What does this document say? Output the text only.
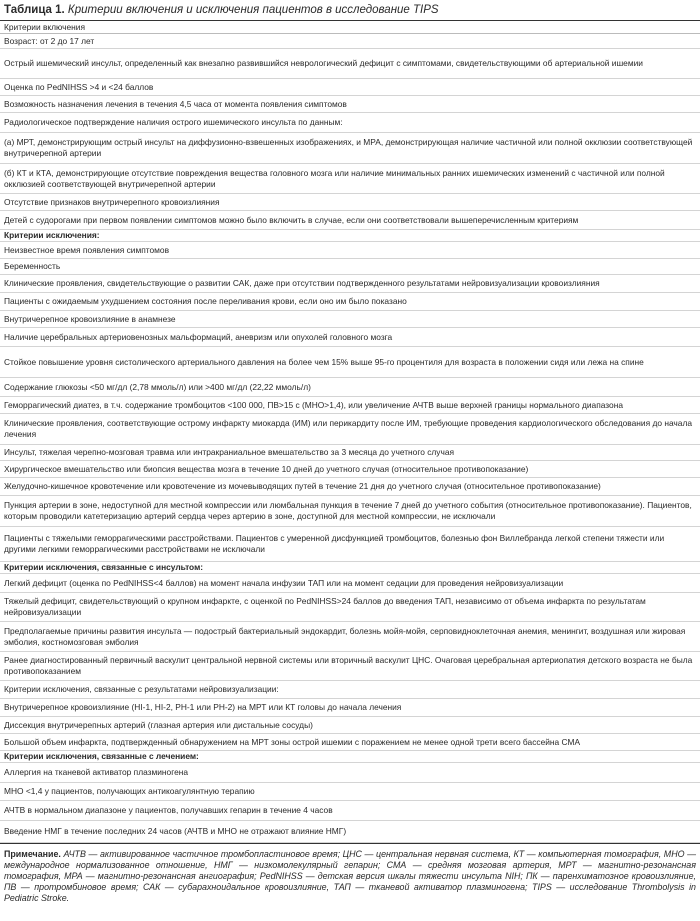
Таблица 1. Критерии включения и исключения пациентов в исследование TIPS
Критерии включения
Возраст: от 2 до 17 лет
Острый ишемический инсульт, определенный как внезапно развившийся неврологический дефицит с симптомами, свидетельствующими об артериальной ишемии
Оценка по PedNIHSS >4 и <24 баллов
Возможность назначения лечения в течения 4,5 часа от момента появления симптомов
Радиологическое подтверждение наличия острого ишемического инсульта по данным:
(а) МРТ, демонстрирующим острый инсульт на диффузионно-взвешенных изображениях, и МРА, демонстрирующая наличие частичной или полной окклюзии соответствующей внутричерепной артерии
(б) КТ и КТА, демонстрирующие отсутствие повреждения вещества головного мозга или наличие минимальных ранних ишемических изменений с частичной или полной окклюзией соответствующей внутричерепной артерии
Отсутствие признаков внутричерепного кровоизлияния
Детей с судорогами при первом появлении симптомов можно было включить в случае, если они соответствовали вышеперечисленным критериям
Критерии исключения:
Неизвестное время появления симптомов
Беременность
Клинические проявления, свидетельствующие о развитии САК, даже при отсутствии подтвержденного результатами нейровизуализации кровоизлияния
Пациенты с ожидаемым ухудшением состояния после переливания крови, если оно им было показано
Внутричерепное кровоизлияние в анамнезе
Наличие церебральных артериовенозных мальформаций, аневризм или опухолей головного мозга
Стойкое повышение уровня систолического артериального давления на более чем 15% выше 95-го процентиля для возраста в положении сидя или лежа на спине
Содержание глюкозы <50 мг/дл (2,78 ммоль/л) или >400 мг/дл (22,22 ммоль/л)
Геморрагический диатез, в т.ч. содержание тромбоцитов <100 000, ПВ>15 с (МНО>1,4), или увеличение АЧТВ выше верхней границы нормального диапазона
Клинические проявления, соответствующие острому инфаркту миокарда (ИМ) или перикардиту после ИМ, требующие проведения кардиологического обследования до начала лечения
Инсульт, тяжелая черепно-мозговая травма или интракраниальное вмешательство за 3 месяца до учетного случая
Хирургическое вмешательство или биопсия вещества мозга в течение 10 дней до учетного случая (относительное противопоказание)
Желудочно-кишечное кровотечение или кровотечение из мочевыводящих путей в течение 21 дня до учетного случая (относительное противопоказание)
Пункция артерии в зоне, недоступной для местной компрессии или люмбальная пункция в течение 7 дней до учетного события (относительное противопоказание). Пациентов, которым проводили катетеризацию артерий сердца через артерию в зоне, доступной для местной компрессии, не исключали
Пациенты с тяжелыми геморрагическими расстройствами. Пациентов с умеренной дисфункцией тромбоцитов, болезнью фон Виллебранда легкой степени тяжести или другими легкими геморрагическими расстройствами не исключали
Критерии исключения, связанные с инсультом:
Легкий дефицит (оценка по PedNIHSS<4 баллов) на момент начала инфузии ТАП или на момент седации для проведения нейровизуализации
Тяжелый дефицит, свидетельствующий о крупном инфаркте, с оценкой по PedNIHSS>24 баллов до введения ТАП, независимо от объема инфаркта по результатам нейровизуализации
Предполагаемые причины развития инсульта — подострый бактериальный эндокардит, болезнь мойя-мойя, серповидноклеточная анемия, менингит, воздушная или жировая эмболия, костномозговая эмболия
Ранее диагностированный первичный васкулит центральной нервной системы или вторичный васкулит ЦНС. Очаговая церебральная артериопатия детского возраста не была противопоказанием
Критерии исключения, связанные с результатами нейровизуализации:
Внутричерепное кровоизлияние (HI-1, HI-2, PH-1 или PH-2) на МРТ или КТ головы до начала лечения
Диссекция внутричерепных артерий (глазная артерия или дистальные сосуды)
Большой объем инфаркта, подтвержденный обнаружением на МРТ зоны острой ишемии с поражением не менее одной трети всего бассейна СМА
Критерии исключения, связанные с лечением:
Аллергия на тканевой активатор плазминогена
МНО <1,4 у пациентов, получающих антикоагулянтную терапию
АЧТВ в нормальном диапазоне у пациентов, получавших гепарин в течение 4 часов
Введение НМГ в течение последних 24 часов (АЧТВ и МНО не отражают влияние НМГ)
Примечание. АЧТВ — активированное частичное тромбопластиновое время; ЦНС — центральная нервная система, КТ — компьютерная томография, МНО — международное нормализованное отношение, НМГ — низкомолекулярный гепарин; СМА — средняя мозговая артерия, МРТ — магнитно-резонансная томография, МРА — магнитно-резонансная ангиография; PedNIHSS — детская версия шкалы тяжести инсульта NIH; ПК — паренхиматозное кровоизлияние, ПВ — протромбиновое время; САК — субарахноидальное кровоизлияние, ТАП — тканевой активатор плазминогена; TIPS — исследование Thrombolysis in Pediatric Stroke.
